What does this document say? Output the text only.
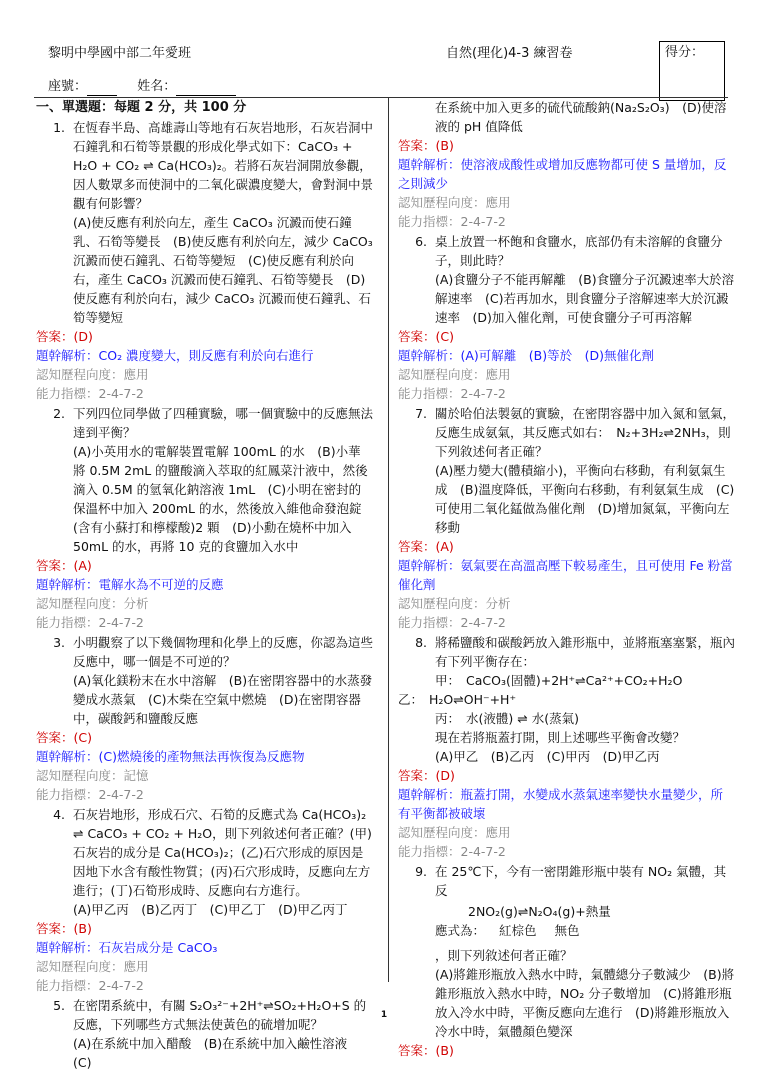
黎明中學國中部二年愛班	自然(理化)4-3 練習卷	得分：
座號：	姓名：
一、單選題：每題 2 分，共 100 分
1. 在恆春半島、高雄壽山等地有石灰岩地形，石灰岩洞中石鐘乳和石筍等景觀的形成化學式如下：CaCO₃ + H₂O + CO₂ ⇌ Ca(HCO₃)₂。若將石灰岩洞開放參觀，因人數眾多而使洞中的二氧化碳濃度變大，會對洞中景觀有何影響？
(A)使反應有利於向左，產生 CaCO₃ 沉澱而使石鐘乳、石筍等變長　(B)使反應有利於向左，減少 CaCO₃ 沉澱而使石鐘乳、石筍等變短　(C)使反應有利於向右，產生 CaCO₃ 沉澱而使石鐘乳、石筍等變長　(D)使反應有利於向右，減少 CaCO₃ 沉澱而使石鐘乳、石筍等變短
答案：(D)
題幹解析：CO₂ 濃度變大，則反應有利於向右進行
認知歷程向度：應用
能力指標：2-4-7-2
2. 下列四位同學做了四種實驗，哪一個實驗中的反應無法達到平衡？
(A)小英用水的電解裝置電解 100mL 的水　(B)小華將 0.5M 2mL 的鹽酸滴入萃取的紅鳳菜汁液中，然後滴入 0.5M 的氫氧化鈉溶液 1mL　(C)小明在密封的保溫杯中加入 200mL 的水，然後放入維他命發泡錠(含有小蘇打和檸檬酸)2 顆　(D)小勳在燒杯中加入 50mL 的水，再將 10 克的食鹽加入水中
答案：(A)
題幹解析：電解水為不可逆的反應
認知歷程向度：分析
能力指標：2-4-7-2
3. 小明觀察了以下幾個物理和化學上的反應，你認為這些反應中，哪一個是不可逆的？
(A)氧化鎂粉末在水中溶解　(B)在密閉容器中的水蒸發變成水蒸氣　(C)木柴在空氣中燃燒　(D)在密閉容器中，碳酸鈣和鹽酸反應
答案：(C)
題幹解析：(C)燃燒後的產物無法再恢復為反應物
認知歷程向度：記憶
能力指標：2-4-7-2
4. 石灰岩地形，形成石穴、石筍的反應式為 Ca(HCO₃)₂ ⇌ CaCO₃ + CO₂ + H₂O，則下列敘述何者正確？(甲)石灰岩的成分是 Ca(HCO₃)₂；(乙)石穴形成的原因是因地下水含有酸性物質；(丙)石穴形成時，反應向左方進行；(丁)石筍形成時、反應向右方進行。
(A)甲乙丙　(B)乙丙丁　(C)甲乙丁　(D)甲乙丙丁
答案：(B)
題幹解析：石灰岩成分是 CaCO₃
認知歷程向度：應用
能力指標：2-4-7-2
5. 在密閉系統中，有關 S₂O₃²⁻+2H⁺⇌SO₂+H₂O+S 的反應，下列哪些方式無法使黃色的硫增加呢？
(A)在系統中加入醋酸　(B)在系統中加入鹼性溶液　(C)
在系統中加入更多的硫代硫酸鈉(Na₂S₂O₃)　(D)使溶液的 pH 值降低
答案：(B)
題幹解析：使溶液成酸性或增加反應物都可使 S 量增加，反之則減少
認知歷程向度：應用
能力指標：2-4-7-2
6. 桌上放置一杯飽和食鹽水，底部仍有未溶解的食鹽分子，則此時？
(A)食鹽分子不能再解離　(B)食鹽分子沉澱速率大於溶解速率　(C)若再加水，則食鹽分子溶解速率大於沉澱速率　(D)加入催化劑，可使食鹽分子可再溶解
答案：(C)
題幹解析：(A)可解離　(B)等於　(D)無催化劑
認知歷程向度：應用
能力指標：2-4-7-2
7. 關於哈伯法製氨的實驗，在密閉容器中加入氮和氫氣，反應生成氨氣，其反應式如右：　N₂+3H₂⇌2NH₃，則下列敘述何者正確？
(A)壓力變大(體積縮小)，平衡向右移動，有利氨氣生成　(B)溫度降低，平衡向右移動，有利氨氣生成　(C)可使用二氧化錳做為催化劑　(D)增加氮氣，平衡向左移動
答案：(A)
題幹解析：氨氣要在高溫高壓下較易產生，且可使用 Fe 粉當催化劑
認知歷程向度：分析
能力指標：2-4-7-2
8. 將稀鹽酸和碳酸鈣放入錐形瓶中，並將瓶塞塞緊，瓶內有下列平衡存在：
甲： CaCO₃(固體)+2H⁺⇌Ca²⁺+CO₂+H₂O
乙： H₂O⇌OH⁻+H⁺
丙： 水(液體) ⇌ 水(蒸氣)
現在若將瓶蓋打開，則上述哪些平衡會改變？
(A)甲乙　(B)乙丙　(C)甲丙　(D)甲乙丙
答案：(D)
題幹解析：瓶蓋打開，水變成水蒸氣速率變快水量變少，所有平衡都被破壞
認知歷程向度：應用
能力指標：2-4-7-2
9. 在 25℃下，今有一密閉錐形瓶中裝有 NO₂ 氣體，其反
2NO₂(g)⇌N₂O₄(g)+熱量
應式為：	紅棕色	無色
，則下列敘述何者正確？
(A)將錐形瓶放入熱水中時，氣體總分子數減少　(B)將錐形瓶放入熱水中時，NO₂ 分子數增加　(C)將錐形瓶放入冷水中時，平衡反應向左進行　(D)將錐形瓶放入冷水中時，氣體顏色變深
答案：(B)
1
